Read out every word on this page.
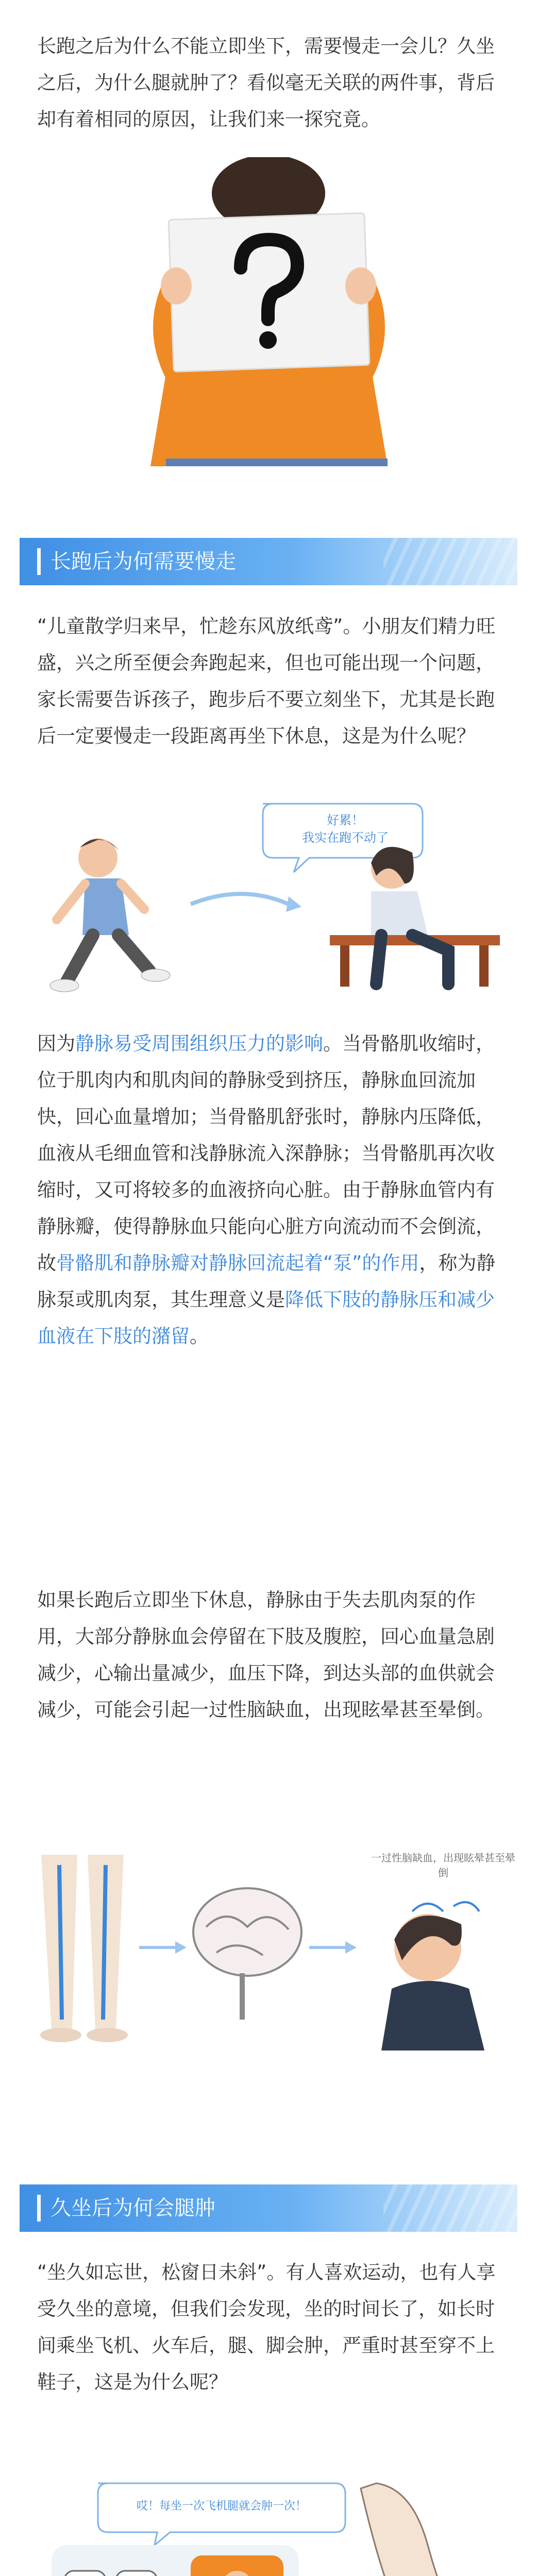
长跑之后为什么不能立即坐下，需要慢走一会儿？久坐之后，为什么腿就肿了？看似毫无关联的两件事，背后却有着相同的原因，让我们来一探究竟。

长跑后为何需要慢走

“儿童散学归来早，忙趁东风放纸鸢”。小朋友们精力旺盛，兴之所至便会奔跑起来，但也可能出现一个问题，家长需要告诉孩子，跑步后不要立刻坐下，尤其是长跑后一定要慢走一段距离再坐下休息，这是为什么呢？

好累！
我实在跑不动了

因为静脉易受周围组织压力的影响。当骨骼肌收缩时，位于肌肉内和肌肉间的静脉受到挤压，静脉血回流加快，回心血量增加；当骨骼肌舒张时，静脉内压降低，血液从毛细血管和浅静脉流入深静脉；当骨骼肌再次收缩时，又可将较多的血液挤向心脏。由于静脉血管内有静脉瓣，使得静脉血只能向心脏方向流动而不会倒流，故骨骼肌和静脉瓣对静脉回流起着“泵”的作用，称为静脉泵或肌肉泵，其生理意义是降低下肢的静脉压和减少血液在下肢的潴留。

如果长跑后立即坐下休息，静脉由于失去肌肉泵的作用，大部分静脉血会停留在下肢及腹腔，回心血量急剧减少，心输出量减少，血压下降，到达头部的血供就会减少，可能会引起一过性脑缺血，出现眩晕甚至晕倒。

一过性脑缺血，出现眩晕甚至晕倒
久坐后为何会腿肿

“坐久如忘世，松窗日未斜”。有人喜欢运动，也有人享受久坐的意境，但我们会发现，坐的时间长了，如长时间乘坐飞机、火车后，腿、脚会肿，严重时甚至穿不上鞋子，这是为什么呢？

哎！每坐一次飞机腿就会肿一次！
